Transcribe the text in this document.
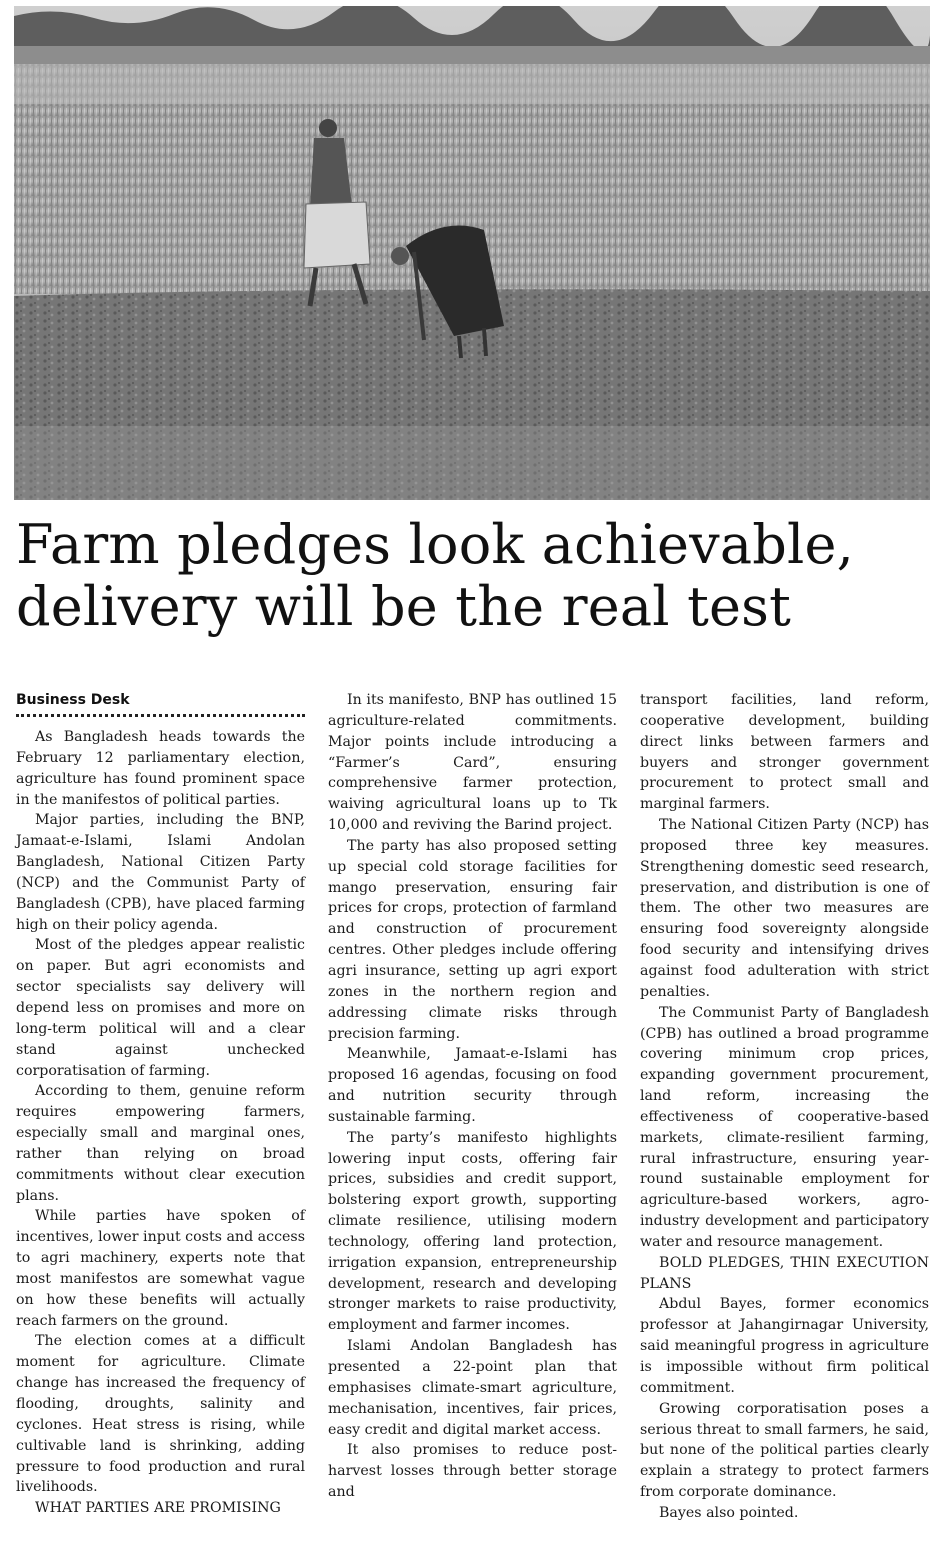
Farm pledges look achievable, delivery will be the real test
Business Desk

As Bangladesh heads towards the February 12 parliamentary election, agriculture has found prominent space in the manifestos of political parties.

Major parties, including the BNP, Jamaat-e-Islami, Islami Andolan Bangladesh, National Citizen Party (NCP) and the Communist Party of Bangladesh (CPB), have placed farming high on their policy agenda.

Most of the pledges appear realistic on paper. But agri economists and sector specialists say delivery will depend less on promises and more on long-term political will and a clear stand against unchecked corporatisation of farming.

According to them, genuine reform requires empowering farmers, especially small and marginal ones, rather than relying on broad commitments without clear execution plans.

While parties have spoken of incentives, lower input costs and access to agri machinery, experts note that most manifestos are somewhat vague on how these benefits will actually reach farmers on the ground.

The election comes at a difficult moment for agriculture. Climate change has increased the frequency of flooding, droughts, salinity and cyclones. Heat stress is rising, while cultivable land is shrinking, adding pressure to food production and rural livelihoods.

WHAT PARTIES ARE PROMISING

In its manifesto, BNP has outlined 15 agriculture-related commitments. Major points include introducing a “Farmer’s Card”, ensuring comprehensive farmer protection, waiving agricultural loans up to Tk 10,000 and reviving the Barind project.

The party has also proposed setting up special cold storage facilities for mango preservation, ensuring fair prices for crops, protection of farmland and construction of procurement centres. Other pledges include offering agri insurance, setting up agri export zones in the northern region and addressing climate risks through precision farming.

Meanwhile, Jamaat-e-Islami has proposed 16 agendas, focusing on food and nutrition security through sustainable farming.

The party’s manifesto highlights lowering input costs, offering fair prices, subsidies and credit support, bolstering export growth, supporting climate resilience, utilising modern technology, offering land protection, irrigation expansion, entrepreneurship development, research and developing stronger markets to raise productivity, employment and farmer incomes.

Islami Andolan Bangladesh has presented a 22-point plan that emphasises climate-smart agriculture, mechanisation, incentives, fair prices, easy credit and digital market access.

It also promises to reduce post-harvest losses through better storage and

transport facilities, land reform, cooperative development, building direct links between farmers and buyers and stronger government procurement to protect small and marginal farmers.

The National Citizen Party (NCP) has proposed three key measures. Strengthening domestic seed research, preservation, and distribution is one of them. The other two measures are ensuring food sovereignty alongside food security and intensifying drives against food adulteration with strict penalties.

The Communist Party of Bangladesh (CPB) has outlined a broad programme covering minimum crop prices, expanding government procurement, land reform, increasing the effectiveness of cooperative-based markets, climate-resilient farming, rural infrastructure, ensuring year-round sustainable employment for agriculture-based workers, agro-industry development and participatory water and resource management.

BOLD PLEDGES, THIN EXECUTION PLANS

Abdul Bayes, former economics professor at Jahangirnagar University, said meaningful progress in agriculture is impossible without firm political commitment.

Growing corporatisation poses a serious threat to small farmers, he said, but none of the political parties clearly explain a strategy to protect farmers from corporate dominance.

Bayes also pointed.
